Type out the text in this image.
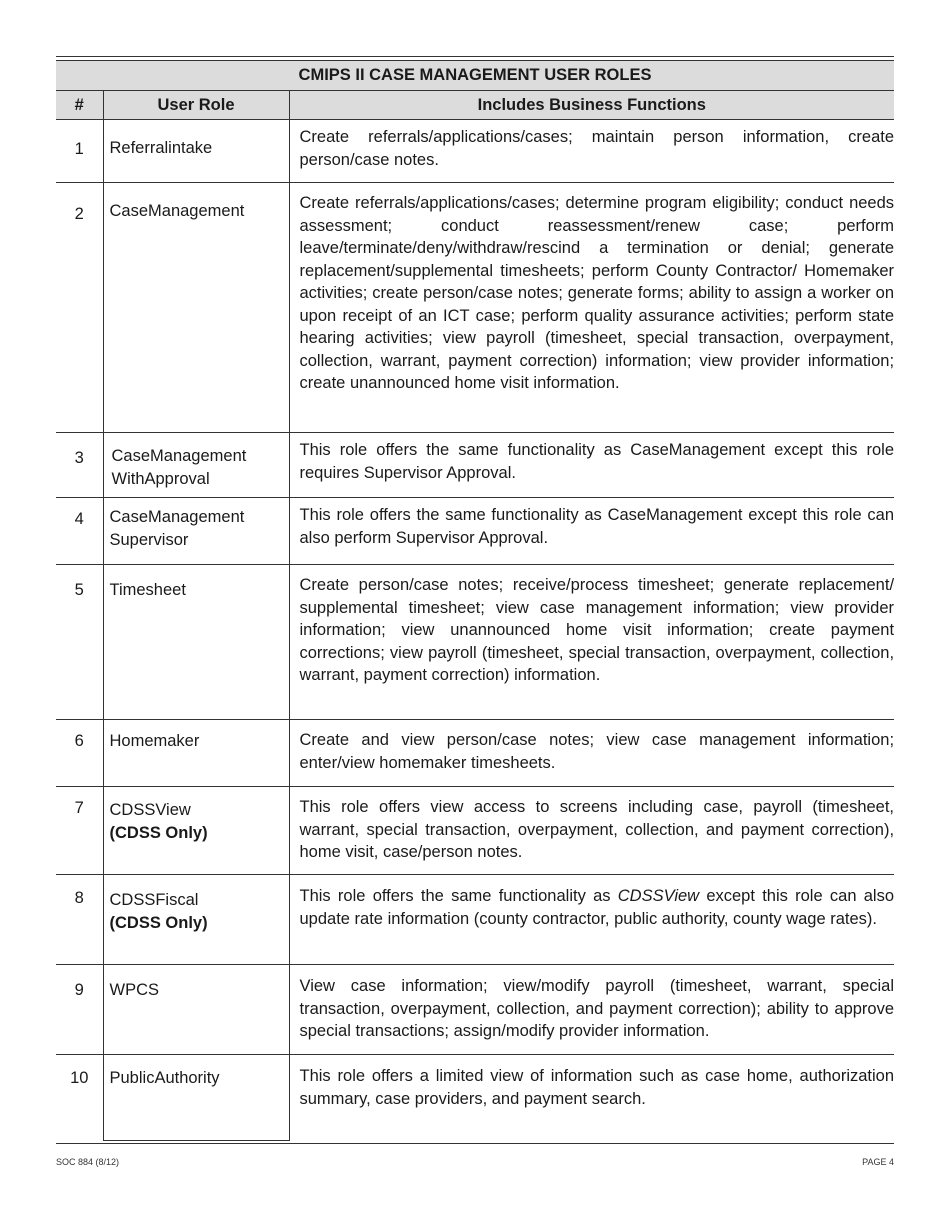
CMIPS II CASE MANAGEMENT USER ROLES		
#	User Role	Includes Business Functions
1	Referralintake	Create referrals/applications/cases; maintain person information, create person/case notes.

2	CaseManagement	Create referrals/applications/cases; determine program eligibility; conduct needs assessment; conduct reassessment/renew case; perform leave/terminate/deny/withdraw/rescind a termination or denial; generate replacement/supplemental timesheets; perform County Contractor/ Homemaker activities; create person/case notes; generate forms; ability to assign a worker on upon receipt of an ICT case; perform quality assurance activities; perform state hearing activities; view payroll (timesheet, special transaction, overpayment, collection, warrant, payment correction) information; view provider information; create unannounced home visit information.

3	CaseManagement
WithApproval	This role offers the same functionality as CaseManagement except this role requires Supervisor Approval.

4	CaseManagement
Supervisor	This role offers the same functionality as CaseManagement except this role can also perform Supervisor Approval.

5	Timesheet	Create person/case notes; receive/process timesheet; generate replacement/ supplemental timesheet; view case management information; view provider information; view unannounced home visit information; create payment corrections; view payroll (timesheet, special transaction, overpayment, collection, warrant, payment correction) information.

6	Homemaker	Create and view person/case notes; view case management information; enter/view homemaker timesheets.

7	CDSSView
(CDSS Only)	This role offers view access to screens including case, payroll (timesheet, warrant, special transaction, overpayment, collection, and payment correction), home visit, case/person notes.

8	CDSSFiscal
(CDSS Only)	This role offers the same functionality as CDSSView except this role can also update rate information (county contractor, public authority, county wage rates).

9	WPCS	View case information; view/modify payroll (timesheet, warrant, special transaction, overpayment, collection, and payment correction); ability to approve special transactions; assign/modify provider information.

10	PublicAuthority	This role offers a limited view of information such as case home, authorization summary, case providers, and payment search.
SOC 884 (8/12)	PAGE 4
